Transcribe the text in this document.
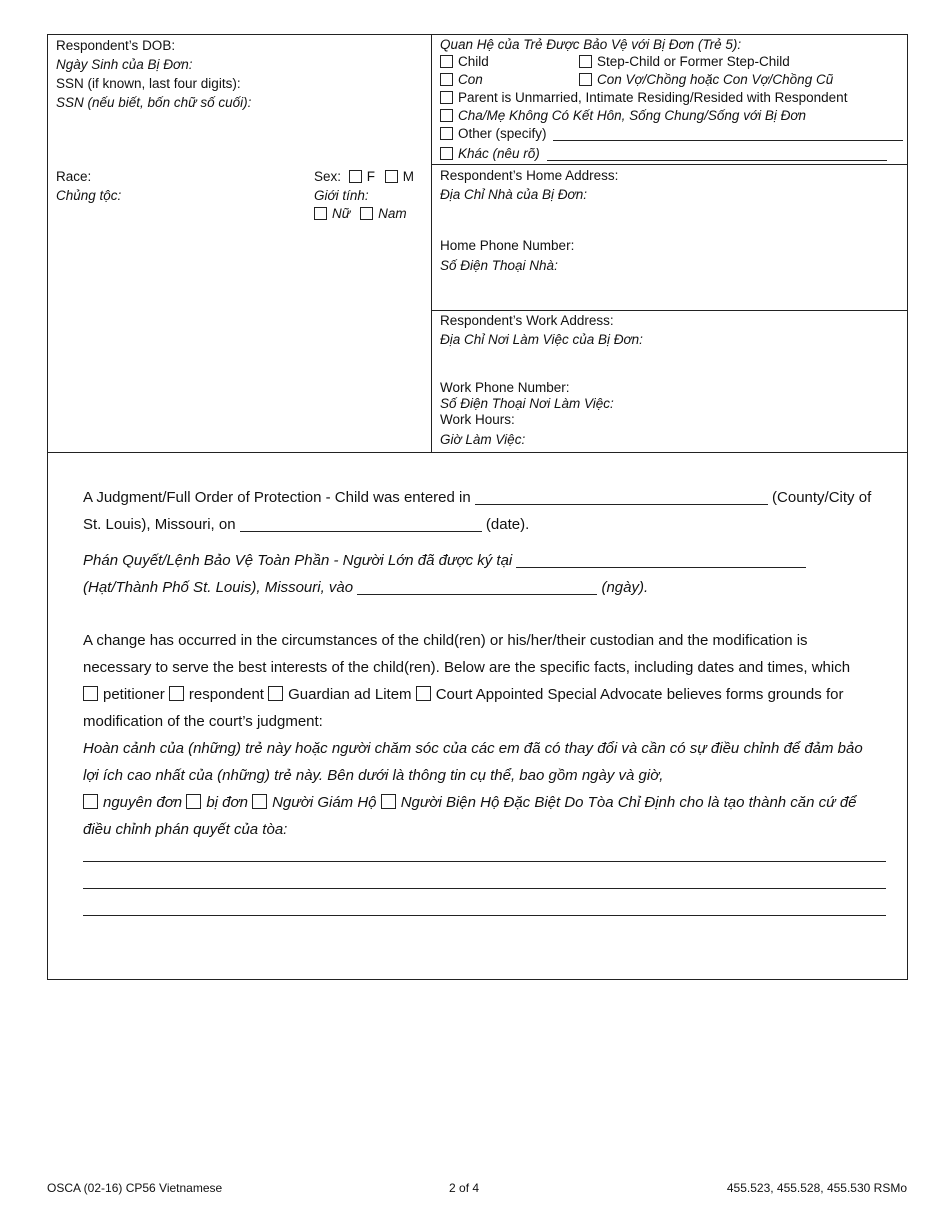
Respondent’s DOB:
Ngày Sinh của Bị Đơn:
SSN (if known, last four digits):
SSN (nếu biết, bốn chữ số cuối):
Race:
Chủng tộc:
Sex: F M
Giới tính:
Nữ Nam
Quan Hệ của Trẻ Được Bảo Vệ với Bị Đơn (Trẻ 5):
Child	Step-Child or Former Step-Child
Con	Con Vợ/Chồng hoặc Con Vợ/Chồng Cũ
Parent is Unmarried, Intimate Residing/Resided with Respondent
Cha/Mẹ Không Có Kết Hôn, Sống Chung/Sống với Bị Đơn
Other (specify)
Khác (nêu rõ)
Respondent’s Home Address:
Địa Chỉ Nhà của Bị Đơn:
Home Phone Number:
Số Điện Thoại Nhà:
Respondent’s Work Address:
Địa Chỉ Nơi Làm Việc của Bị Đơn:
Work Phone Number:
Số Điện Thoại Nơi Làm Việc:
Work Hours:
Giờ Làm Việc:
A Judgment/Full Order of Protection - Child was entered in	(County/City of
St. Louis), Missouri, on	(date).
Phán Quyết/Lệnh Bảo Vệ Toàn Phần - Người Lớn đã được ký tại
(Hạt/Thành Phố St. Louis), Missouri, vào	(ngày).
A change has occurred in the circumstances of the child(ren) or his/her/their custodian and the modification is
necessary to serve the best interests of the child(ren). Below are the specific facts, including dates and times, which
petitioner respondent Guardian ad Litem Court Appointed Special Advocate believes forms grounds for
modification of the court’s judgment:
Hoàn cảnh của (những) trẻ này hoặc người chăm sóc của các em đã có thay đổi và cần có sự điều chỉnh để đảm bảo
lợi ích cao nhất của (những) trẻ này. Bên dưới là thông tin cụ thể, bao gồm ngày và giờ,
nguyên đơn bị đơn Người Giám Hộ Người Biện Hộ Đặc Biệt Do Tòa Chỉ Định cho là tạo thành căn cứ để
điều chỉnh phán quyết của tòa:
OSCA (02-16) CP56 Vietnamese	2 of 4	455.523, 455.528, 455.530 RSMo
